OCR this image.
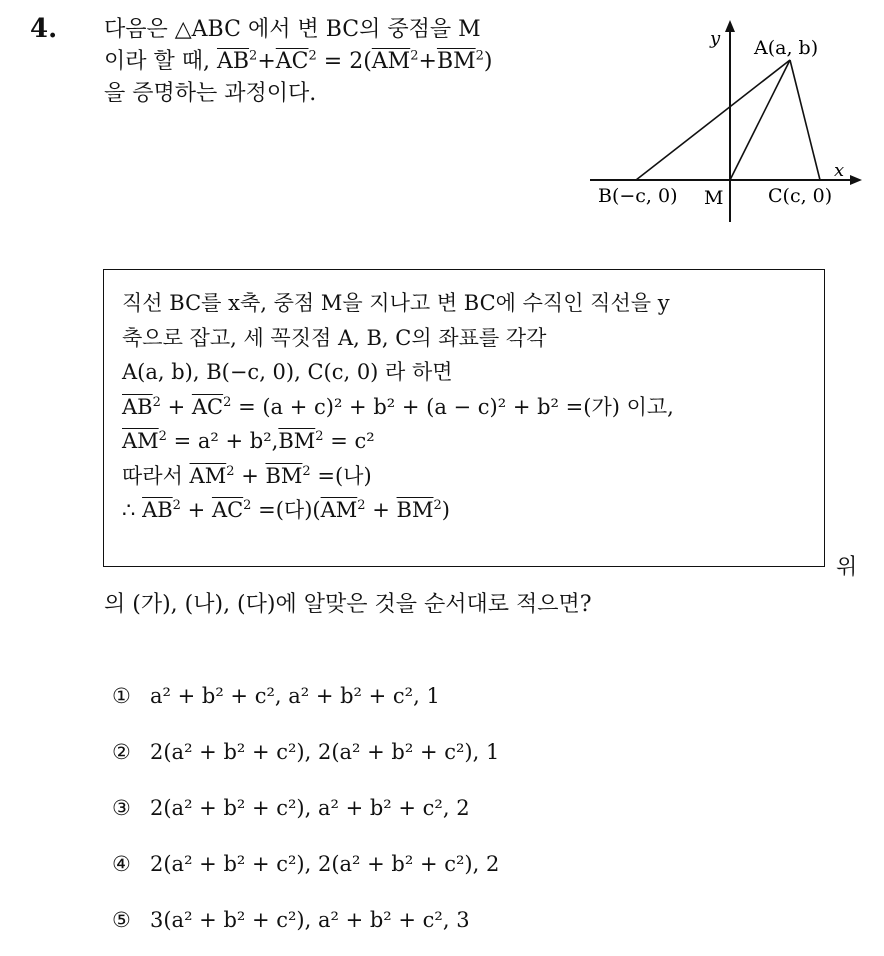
4. 다음은 △ABC 에서 변 BC의 중점을 M
이라 할 때, $\overline{AB}^2+\overline{AC}^2 = 2(\overline{AM}^2+\overline{BM}^2)$
을 증명하는 과정이다.
y
x
A(a, b)
B(−c, 0) M C(c, 0)
직선 BC를 x축, 중점 M을 지나고 변 BC에 수직인 직선을 y
축으로 잡고, 세 꼭짓점 A, B, C의 좌표를 각각
A(a, b), B(−c, 0), C(c, 0) 라 하면
$\overline{AB}^2 + \overline{AC}^2 = (a + c)^2 + b^2 + (a - c)^2 + b^2$ =(가) 이고,
$\overline{AM}^2 = a^2 + b^2,\overline{BM}^2 = c^2$
따라서 $\overline{AM}^2 + \overline{BM}^2$ =(나)
∴ $\overline{AB}^2 + \overline{AC}^2$ =(다)$(\overline{AM}^2 + \overline{BM}^2)$
위
의 (가), (나), (다)에 알맞은 것을 순서대로 적으면?
① a² + b² + c², a² + b² + c², 1
② 2(a² + b² + c²), 2(a² + b² + c²), 1
③ 2(a² + b² + c²), a² + b² + c², 2
④ 2(a² + b² + c²), 2(a² + b² + c²), 2
⑤ 3(a² + b² + c²), a² + b² + c², 3
